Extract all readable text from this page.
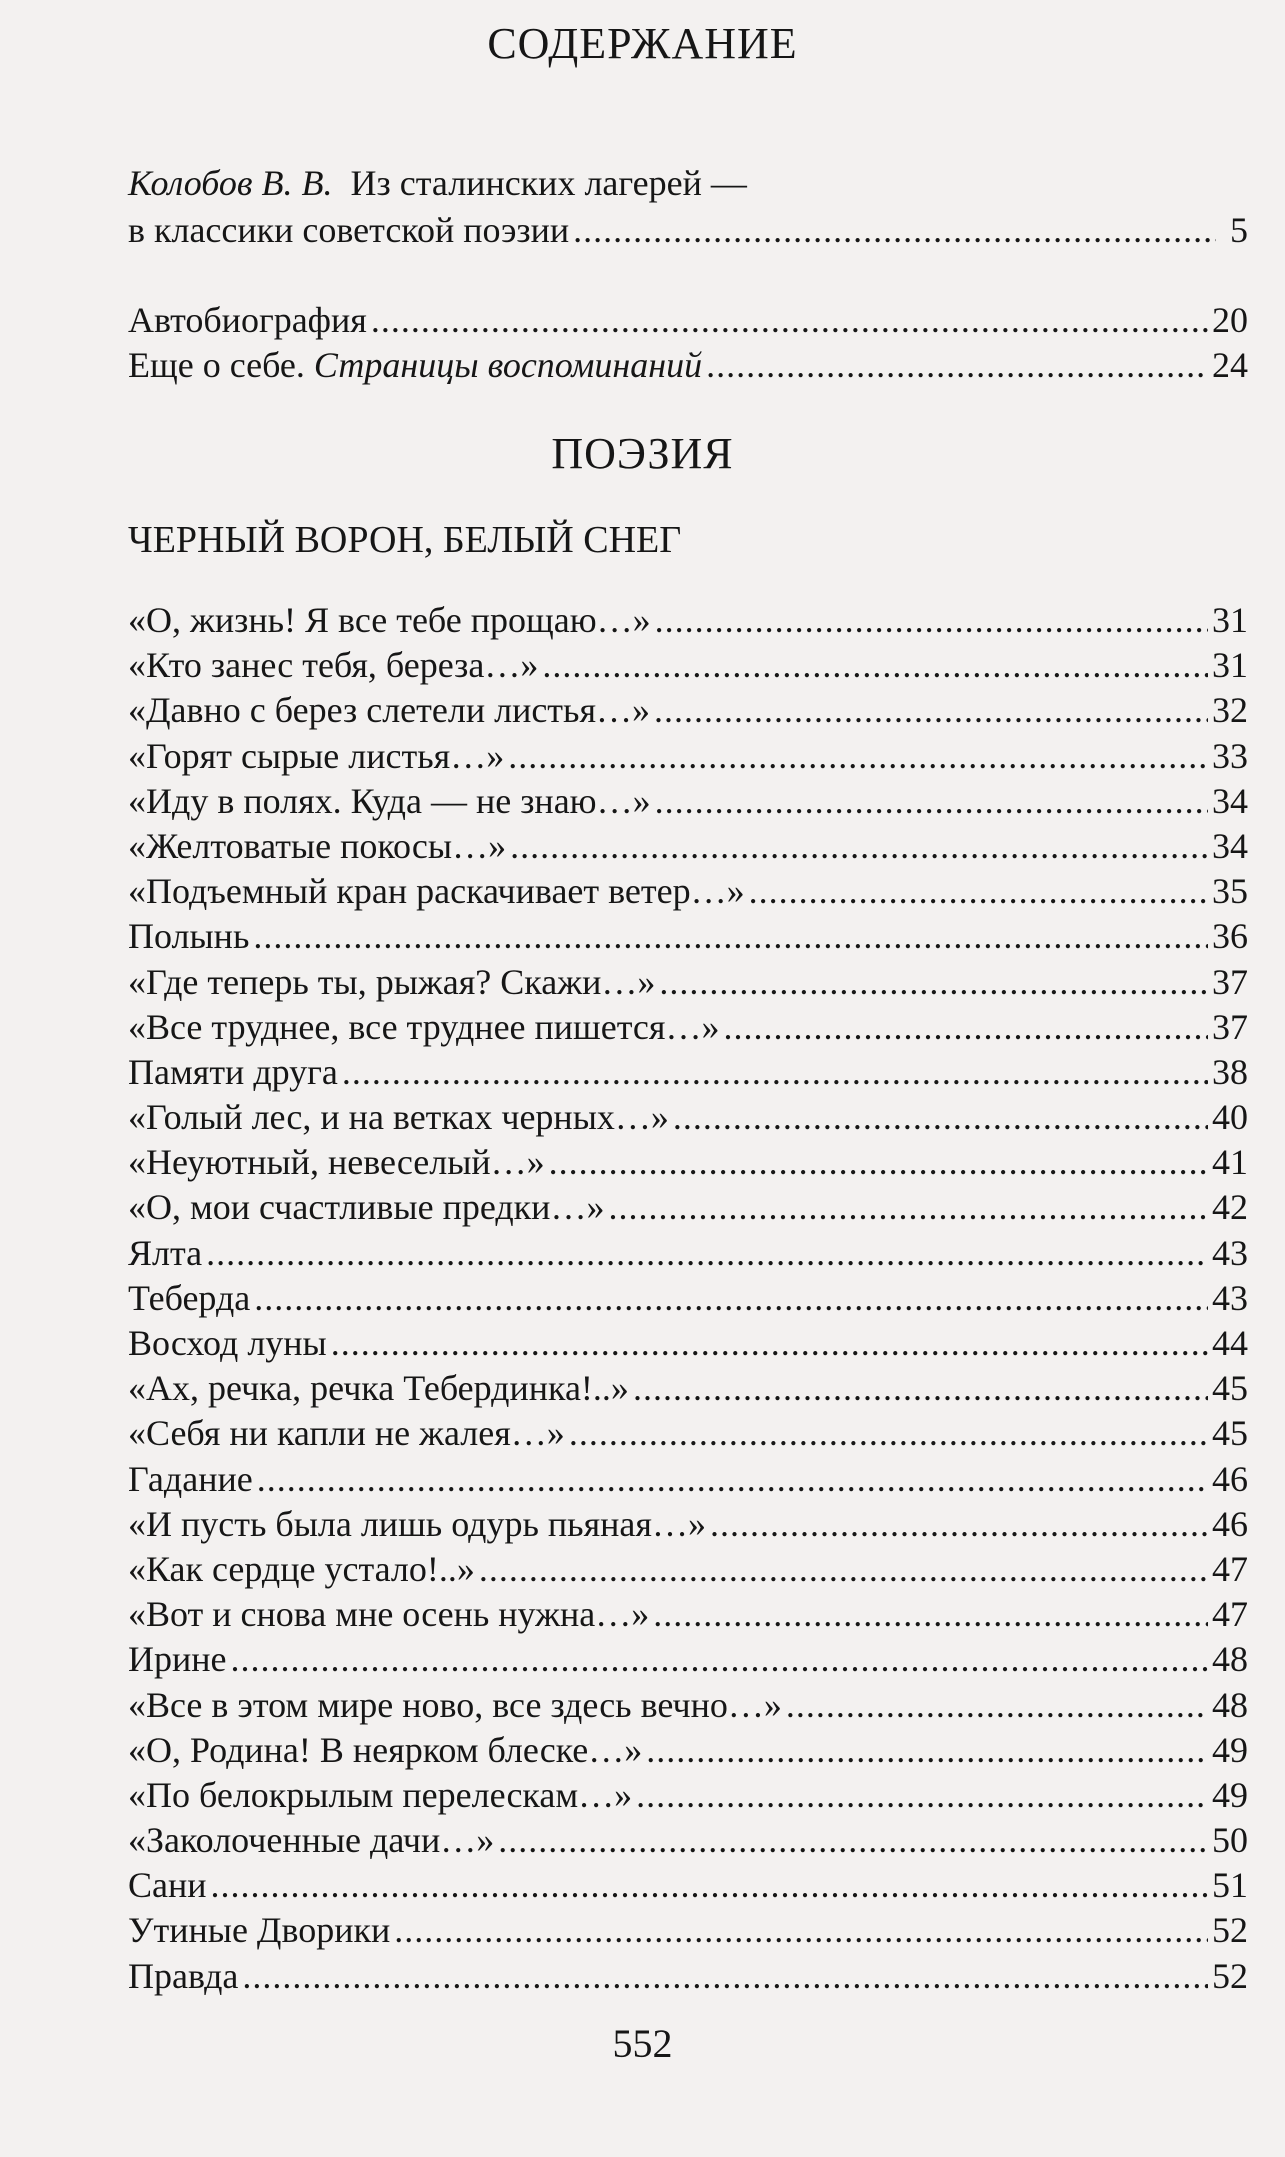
СОДЕРЖАНИЕ
Колобов В. В. Из сталинских лагерей —
в классики советской поэзии .....	5
Автобиография .....	20
Еще о себе. Страницы воспоминаний .....	24
ПОЭЗИЯ
ЧЕРНЫЙ ВОРОН, БЕЛЫЙ СНЕГ
«О, жизнь! Я все тебе прощаю…» .....	31
«Кто занес тебя, береза…» .....	31
«Давно с берез слетели листья…» .....	32
«Горят сырые листья…» .....	33
«Иду в полях. Куда — не знаю…» .....	34
«Желтоватые покосы…» .....	34
«Подъемный кран раскачивает ветер…» .....	35
Полынь .....	36
«Где теперь ты, рыжая? Скажи…» .....	37
«Все труднее, все труднее пишется…» .....	37
Памяти друга .....	38
«Голый лес, и на ветках черных…» .....	40
«Неуютный, невеселый…» .....	41
«О, мои счастливые предки…» .....	42
Ялта .....	43
Теберда .....	43
Восход луны .....	44
«Ах, речка, речка Тебердинка!..» .....	45
«Себя ни капли не жалея…» .....	45
Гадание .....	46
«И пусть была лишь одурь пьяная…» .....	46
«Как сердце устало!..» .....	47
«Вот и снова мне осень нужна…» .....	47
Ирине .....	48
«Все в этом мире ново, все здесь вечно…» .....	48
«О, Родина! В неярком блеске…» .....	49
«По белокрылым перелескам…» .....	49
«Заколоченные дачи…» .....	50
Сани .....	51
Утиные Дворики .....	52
Правда .....	52
552
